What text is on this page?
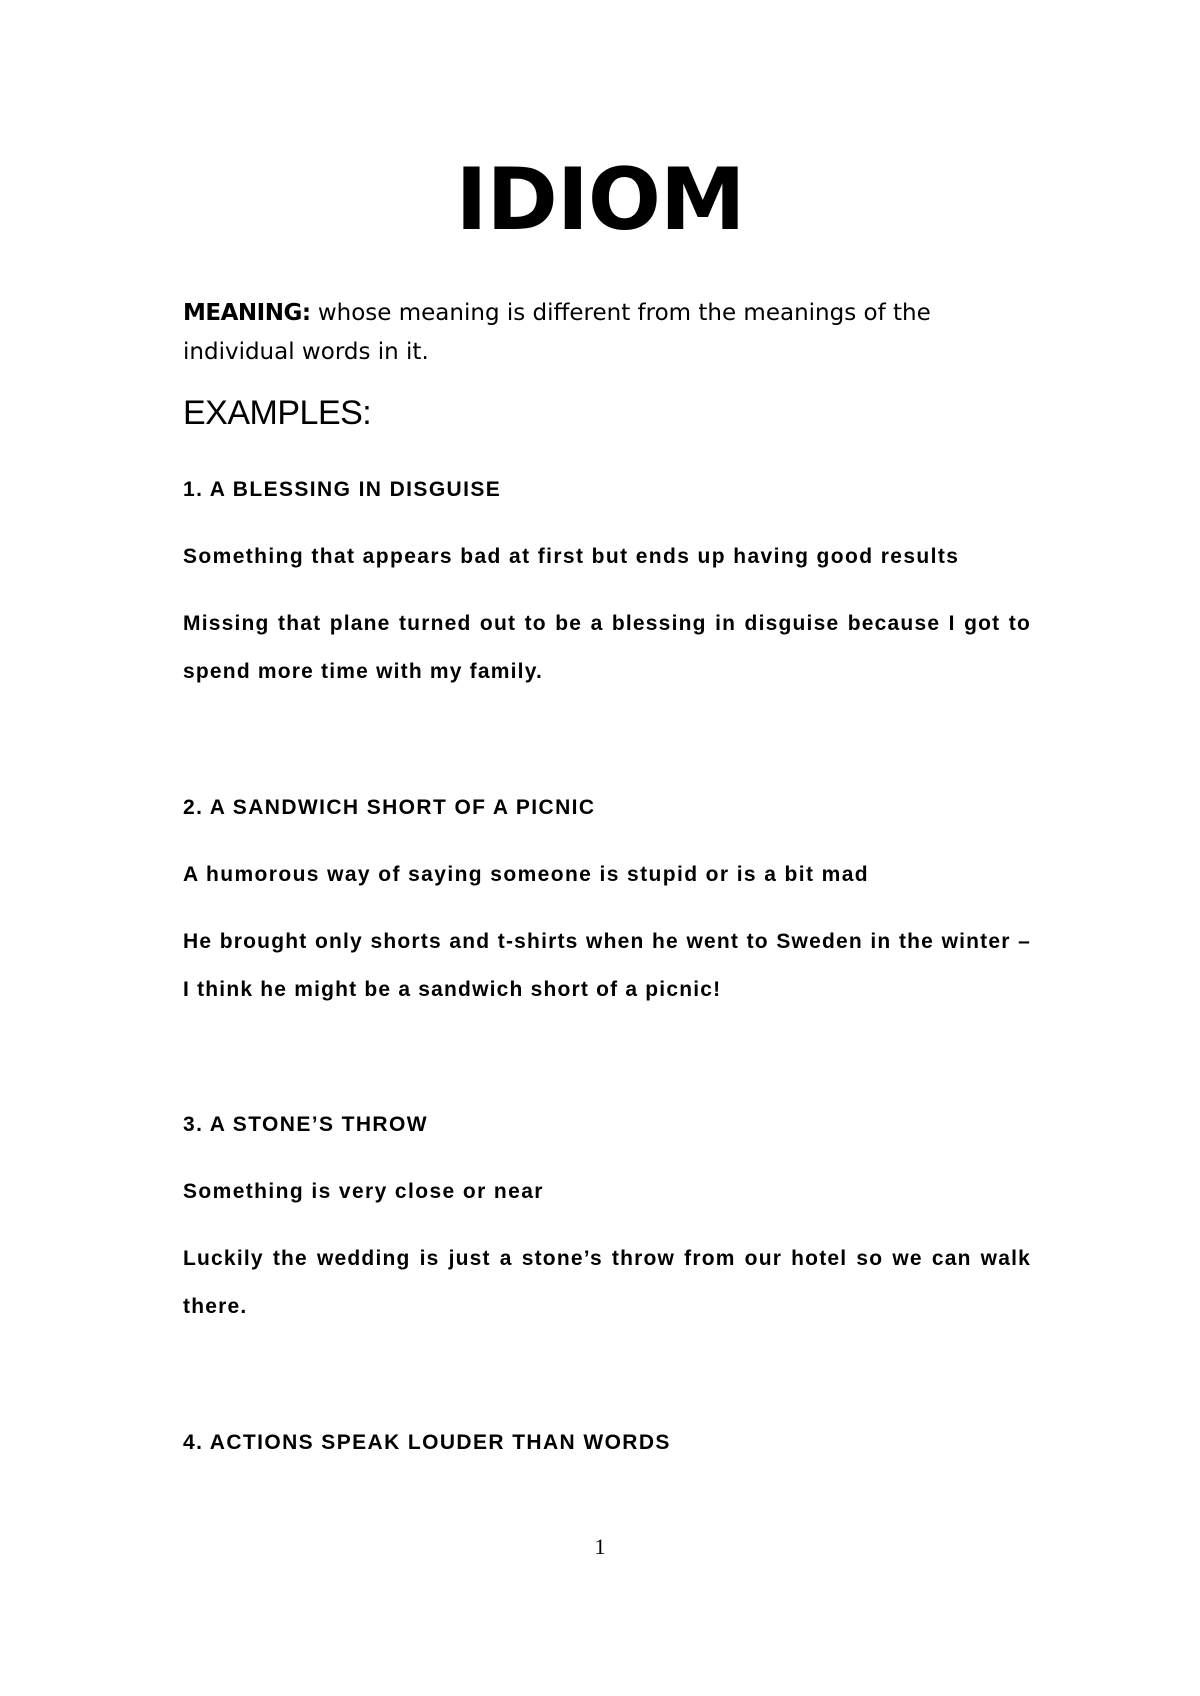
IDIOM
MEANING: whose meaning is different from the meanings of the individual words in it.
EXAMPLES:
1. A BLESSING IN DISGUISE
Something that appears bad at first but ends up having good results
Missing that plane turned out to be a blessing in disguise because I got to spend more time with my family.
2. A SANDWICH SHORT OF A PICNIC
A humorous way of saying someone is stupid or is a bit mad
He brought only shorts and t-shirts when he went to Sweden in the winter – I think he might be a sandwich short of a picnic!
3. A STONE’S THROW
Something is very close or near
Luckily the wedding is just a stone’s throw from our hotel so we can walk there.
4. ACTIONS SPEAK LOUDER THAN WORDS
1
